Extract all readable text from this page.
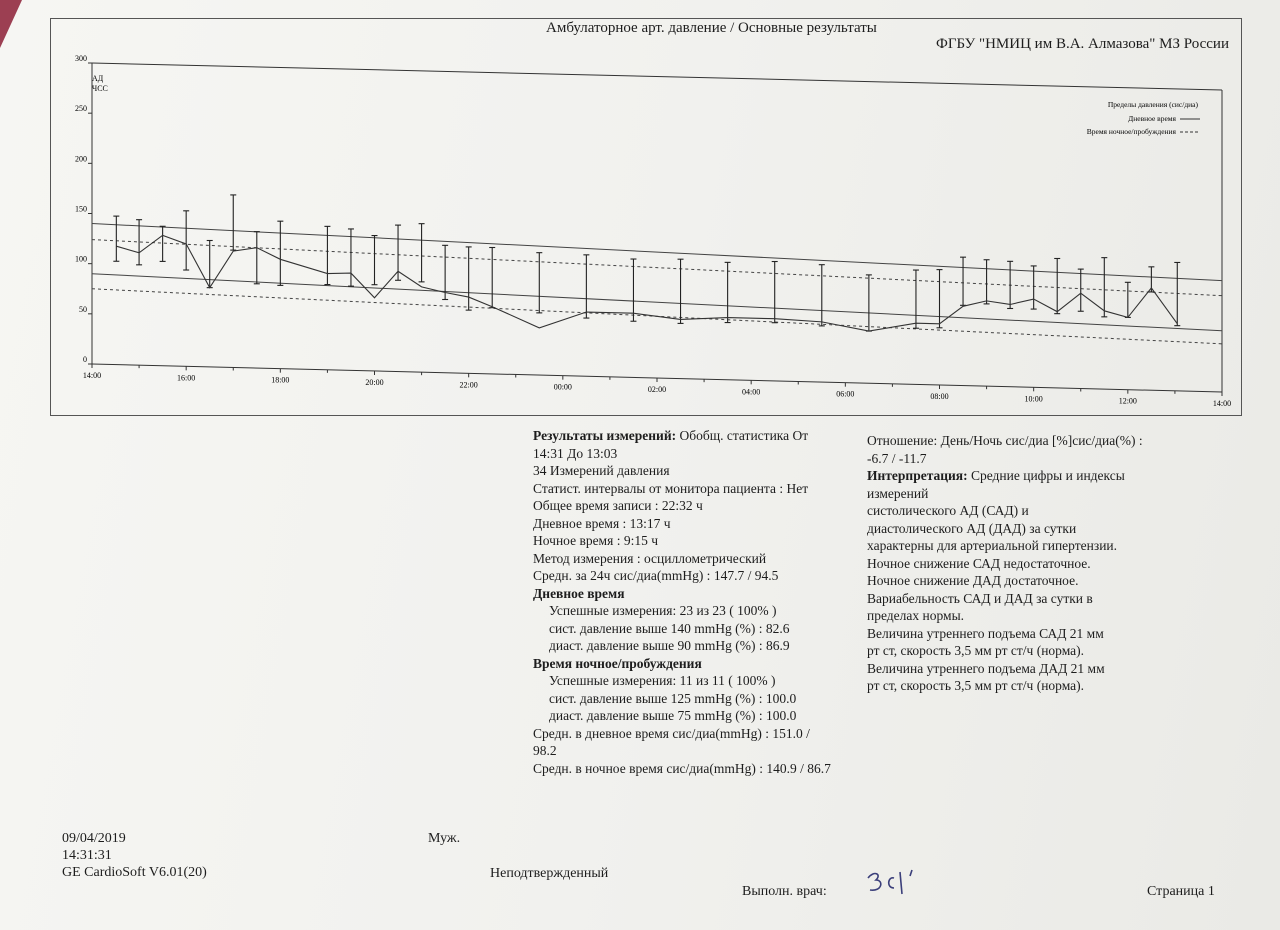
Амбулаторное арт. давление / Основные результаты
ФГБУ "НМИЦ им В.А. Алмазова" МЗ России
АД
ЧСС
Пределы давления (сис/диа)
Дневное время
Время ночное/пробуждения
0
50
100
150
200
250
300
14:00	16:00	18:00	20:00	22:00	00:00	02:00	04:00	06:00	08:00	10:00	12:00	14:00

Результаты измерений: Обобщ. статистика От

14:31 До 13:03

34 Измерений давления

Статист. интервалы от монитора пациента : Нет

Общее время записи : 22:32 ч

Дневное время : 13:17 ч

Ночное время : 9:15 ч

Метод измерения : осциллометрический

Средн. за 24ч сис/диа(mmHg) : 147.7 / 94.5

Дневное время

Успешные измерения: 23 из 23 ( 100% )

сист. давление выше 140 mmHg (%) : 82.6

диаст. давление выше 90 mmHg (%) : 86.9

Время ночное/пробуждения

Успешные измерения: 11 из 11 ( 100% )

сист. давление выше 125 mmHg (%) : 100.0

диаст. давление выше 75 mmHg (%) : 100.0

Средн. в дневное время сис/диа(mmHg) : 151.0 /

98.2

Средн. в ночное время сис/диа(mmHg) : 140.9 / 86.7

Отношение: День/Ночь сис/диа [%]сис/диа(%) :

-6.7 / -11.7

Интерпретация: Средние цифры и индексы

измерений

систолического АД (САД) и

диастолического АД (ДАД) за сутки

характерны для артериальной гипертензии.

Ночное снижение САД недостаточное.

Ночное снижение ДАД достаточное.

Вариабельность САД и ДАД за сутки в

пределах нормы.

Величина утреннего подъема САД 21 мм

рт ст, скорость 3,5 мм рт ст/ч (норма).

Величина утреннего подъема ДАД 21 мм

рт ст, скорость 3,5 мм рт ст/ч (норма).

09/04/2019
14:31:31
GE CardioSoft V6.01(20)
Муж.
Неподтвержденный
Выполн. врач:	Страница 1
